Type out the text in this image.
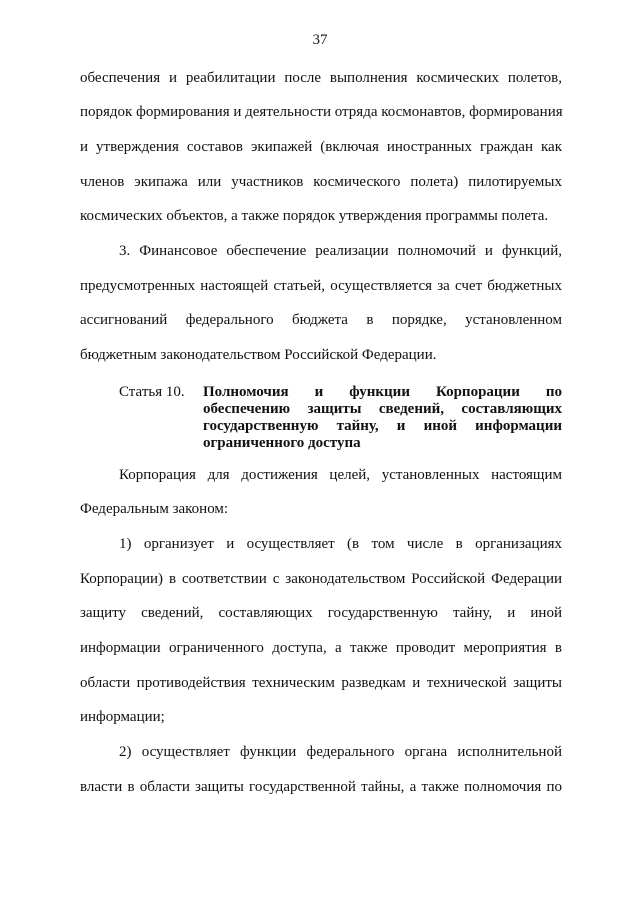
37
обеспечения и реабилитации после выполнения космических полетов,
порядок формирования и деятельности отряда космонавтов, формирования
и утверждения составов экипажей (включая иностранных граждан как
членов экипажа или участников космического полета) пилотируемых
космических объектов, а также порядок утверждения программы полета.
3. Финансовое обеспечение реализации полномочий и функций,
предусмотренных настоящей статьей, осуществляется за счет бюджетных
ассигнований федерального бюджета в порядке, установленном
бюджетным законодательством Российской Федерации.
Статья 10. Полномочия и функции Корпорации по
обеспечению защиты сведений, составляющих
государственную тайну, и иной информации
ограниченного доступа
Корпорация для достижения целей, установленных настоящим
Федеральным законом:
1) организует и осуществляет (в том числе в организациях
Корпорации) в соответствии с законодательством Российской Федерации
защиту сведений, составляющих государственную тайну, и иной
информации ограниченного доступа, а также проводит мероприятия в
области противодействия техническим разведкам и технической защиты
информации;
2) осуществляет функции федерального органа исполнительной
власти в области защиты государственной тайны, а также полномочия по
